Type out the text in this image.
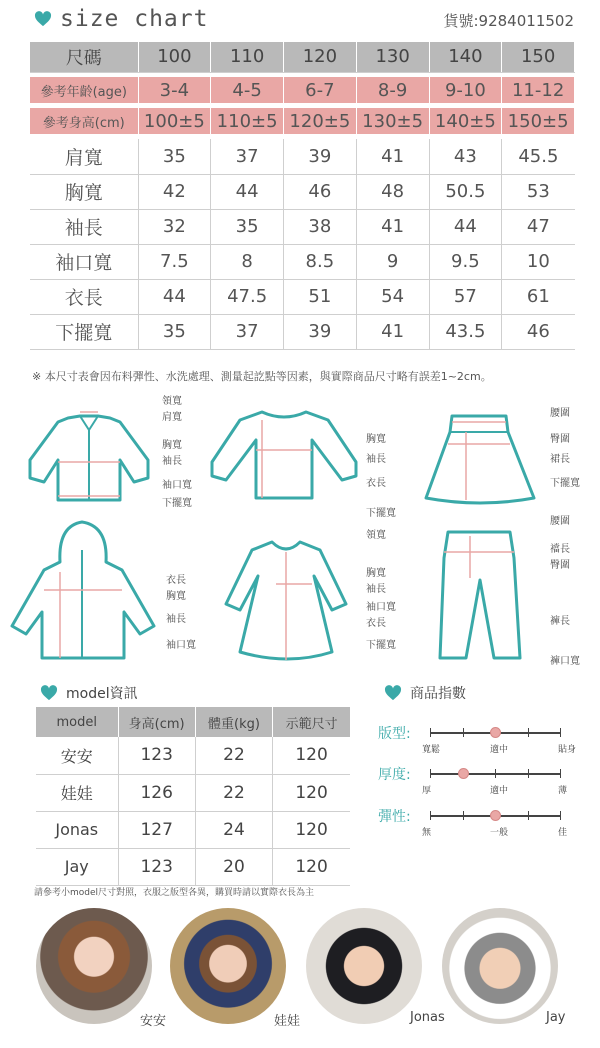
size chart	貨號:9284011502
尺碼	100	110	120	130	140	150

參考年齡(age)	3-4	4-5	6-7	8-9	9-10	11-12

參考身高(cm)	100±5	110±5	120±5	130±5	140±5	150±5

肩寬	35	37	39	41	43	45.5
胸寬	42	44	46	48	50.5	53
袖長	32	35	38	41	44	47
袖口寬	7.5	8	8.5	9	9.5	10
衣長	44	47.5	51	54	57	61
下擺寬	35	37	39	41	43.5	46
※ 本尺寸表會因布料彈性、水洗處理、測量起訖點等因素，與實際商品尺寸略有誤差1~2cm。
領寬
肩寬
胸寬
袖長
袖口寬
下擺寬
胸寬
袖長
衣長
下擺寬
腰圍
臀圍
裙長
下擺寬
衣長
胸寬
袖長
袖口寬
領寬
胸寬
袖長
袖口寬
衣長
下擺寬
腰圍
襠長
臀圍
褲長
褲口寬
model資訊
model	身高(cm)	體重(kg)	示範尺寸
安安	123	22	120
娃娃	126	22	120
Jonas	127	24	120
Jay	123	20	120
請參考小model尺寸對照，衣服之版型各異，購買時請以實際衣長為主
商品指數
版型:
寬鬆	適中	貼身
厚度:
厚	適中	薄
彈性:
無	一般	佳
安安	娃娃	Jonas	Jay
